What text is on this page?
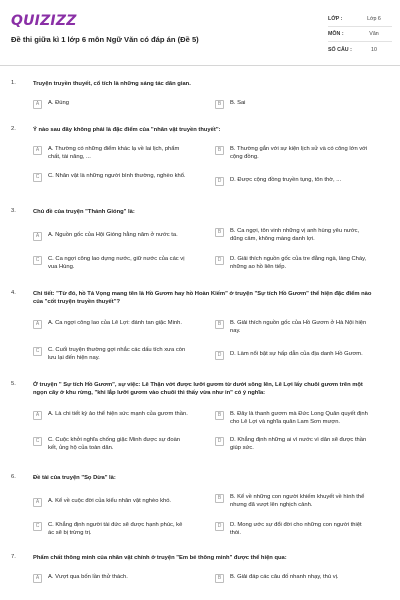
QUIZIZZ
Đề thi giữa kì 1 lớp 6 môn Ngữ Văn có đáp án (Đề 5)
LỚP :	Lớp 6
MÔN :	Văn
SỐ CÂU :	10
1.	Truyện truyền thuyết, cổ tích là những sáng tác dân gian.
A	A. Đúng	B	B. Sai
2.	Ý nào sau đây không phải là đặc điểm của "nhân vật truyền thuyết":
A	A. Thường có những điểm khác lạ về lai lịch, phẩm chất, tài năng, ...
B	B. Thường gắn với sự kiện lịch sử và có công lớn với cộng đồng.
C	C. Nhân vật là những người bình thường, nghèo khổ.
D	D. Được cộng đồng truyền tụng, tôn thờ, ...
3.	Chủ đề của truyện "Thánh Gióng" là:
A	A. Nguồn gốc của Hội Gióng hằng năm ở nước ta.	B	B. Ca ngợi, tôn vinh những vị anh hùng yêu nước, dũng cảm, không màng danh lợi.
C	C. Ca ngợi công lao dựng nước, giữ nước của các vị vua Hùng.
D	D. Giải thích nguồn gốc của tre đằng ngà, làng Cháy, những ao hồ liên tiếp.
4.	Chi tiết: "Từ đó, hồ Tả Vọng mang tên là Hồ Gươm hay hồ Hoàn Kiếm" ở truyện "Sự tích Hồ Gươm" thể hiện đặc điểm nào của "cốt truyện truyền thuyết"?
A	A. Ca ngợi công lao của Lê Lợi: đánh tan giặc Minh.	B	B. Giải thích nguồn gốc của Hồ Gươm ở Hà Nội hiện nay.
C	C. Cuối truyện thường gợi nhắc các dấu tích xưa còn lưu lại đến hiện nay.	D	D. Làm nổi bật sự hấp dẫn của địa danh Hồ Gươm.
5.	Ở truyện " Sự tích Hồ Gươm", sự việc: Lê Thận vớt được lưỡi gươm từ dưới sông lên, Lê Lợi lấy chuôi gươm trên một ngọn cây ở khu rừng, "khi lắp lưỡi gươm vào chuôi thì thấy vừa như in" có ý nghĩa:
A	A. Là chi tiết kỳ ảo thể hiện sức mạnh của gươm thần.	B	B. Đây là thanh gươm mà Đức Long Quân quyết định cho Lê Lợi và nghĩa quân Lam Sơn mượn.
C	C. Cuộc khởi nghĩa chống giặc Minh được sự đoàn kết, ủng hộ của toàn dân.
D	D. Khẳng định những ai vì nước vì dân sẽ được thần giúp sức.
6.	Đề tài của truyện "Sọ Dừa" là:
A	A. Kể về cuộc đời của kiểu nhân vật nghèo khó.	B	B. Kể về những con người khiếm khuyết về hình thể nhưng đã vượt lên nghịch cảnh.
C	C. Khẳng định người tài đức sẽ được hạnh phúc, kẻ ác sẽ bị trừng trị.
D	D. Mong ước sự đổi đời cho những con người thiệt thòi.
7.	Phẩm chất thông minh của nhân vật chính ở truyện "Em bé thông minh" được thể hiện qua:
A	A. Vượt qua bốn lần thử thách.	B	B. Giải đáp các câu đố nhanh nhạy, thú vị.
